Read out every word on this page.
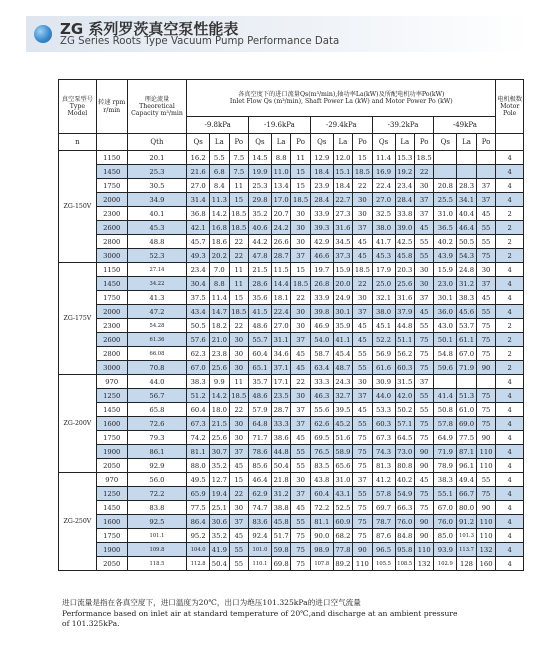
ZG 系列罗茨真空泵性能表
ZG Series Roots Type Vacuum Pump Performance Data
真空泵型号 Type Model	转速 rpm r/min	理论流量 Theoretical Capacity m³/min	各真空度下的进口流量Qs(m³/min),轴功率La(kW)及所配电机功率Po(kW)
Inlet Flow Qs (m³/min), Shaft Power La (kW) and Motor Power Po (kW)															电机极数 Motor Pole
			-9.8kPa			-19.6kPa			-29.4kPa			-39.2kPa			-49kPa			
n		Qth	Qs	La	Po	Qs	La	Po	Qs	La	Po	Qs	La	Po	Qs	La	Po	
ZG-150V	1150	20.1	16.2	5.5	7.5	14.5	8.8	11	12.9	12.0	15	11.4	15.3	18.5				4
	1450	25.3	21.6	6.8	7.5	19.9	11.0	15	18.4	15.1	18.5	16.9	19.2	22				4
	1750	30.5	27.0	8.4	11	25.3	13.4	15	23.9	18.4	22	22.4	23.4	30	20.8	28.3	37	4
	2000	34.9	31.4	11.3	15	29.8	17.0	18.5	28.4	22.7	30	27.0	28.4	37	25.5	34.1	37	4
	2300	40.1	36.8	14.2	18.5	35.2	20.7	30	33.9	27.3	30	32.5	33.8	37	31.0	40.4	45	2
	2600	45.3	42.1	16.8	18.5	40.6	24.2	30	39.3	31.6	37	38.0	39.0	45	36.5	46.4	55	2
	2800	48.8	45.7	18.6	22	44.2	26.6	30	42.9	34.5	45	41.7	42.5	55	40.2	50.5	55	2
	3000	52.3	49.3	20.2	22	47.8	28.7	37	46.6	37.3	45	45.3	45.8	55	43.9	54.3	75	2
ZG-175V	1150	27.14	23.4	7.0	11	21.5	11.5	15	19.7	15.9	18.5	17.9	20.3	30	15.9	24.8	30	4
	1450	34.22	30.4	8.8	11	28.6	14.4	18.5	26.8	20.0	22	25.0	25.6	30	23.0	31.2	37	4
	1750	41.3	37.5	11.4	15	35.6	18.1	22	33.9	24.9	30	32.1	31.6	37	30.1	38.3	45	4
	2000	47.2	43.4	14.7	18.5	41.5	22.4	30	39.8	30.1	37	38.0	37.9	45	36.0	45.6	55	4
	2300	54.28	50.5	18.2	22	48.6	27.0	30	46.9	35.9	45	45.1	44.8	55	43.0	53.7	75	2
	2600	61.36	57.6	21.0	30	55.7	31.1	37	54.0	41.1	45	52.2	51.1	75	50.1	61.1	75	2
	2800	66.08	62.3	23.8	30	60.4	34.6	45	58.7	45.4	55	56.9	56.2	75	54.8	67.0	75	2
	3000	70.8	67.0	25.6	30	65.1	37.1	45	63.4	48.7	55	61.6	60.3	75	59.6	71.9	90	2
ZG-200V	970	44.0	38.3	9.9	11	35.7	17.1	22	33.3	24.3	30	30.9	31.5	37				4
	1250	56.7	51.2	14.2	18.5	48.6	23.5	30	46.3	32.7	37	44.0	42.0	55	41.4	51.3	75	4
	1450	65.8	60.4	18.0	22	57.9	28.7	37	55.6	39.5	45	53.3	50.2	55	50.8	61.0	75	4
	1600	72.6	67.3	21.5	30	64.8	33.3	37	62.6	45.2	55	60.3	57.1	75	57.8	69.0	75	4
	1750	79.3	74.2	25.6	30	71.7	38.6	45	69.5	51.6	75	67.3	64.5	75	64.9	77.5	90	4
	1900	86.1	81.1	30.7	37	78.6	44.8	55	76.5	58.9	75	74.3	73.0	90	71.9	87.1	110	4
	2050	92.9	88.0	35.2	45	85.6	50.4	55	83.5	65.6	75	81.3	80.8	90	78.9	96.1	110	4
ZG-250V	970	56.0	49.5	12.7	15	46.4	21.8	30	43.8	31.0	37	41.2	40.2	45	38.3	49.4	55	4
	1250	72.2	65.9	19.4	22	62.9	31.2	37	60.4	43.1	55	57.8	54.9	75	55.1	66.7	75	4
	1450	83.8	77.5	25.1	30	74.7	38.8	45	72.2	52.5	75	69.7	66.3	75	67.0	80.0	90	4
	1600	92.5	86.4	30.6	37	83.6	45.8	55	81.1	60.9	75	78.7	76.0	90	76.0	91.2	110	4
	1750	101.1	95.2	35.2	45	92.4	51.7	75	90.0	68.2	75	87.6	84.8	90	85.0	101.3	110	4
	1900	109.8	104.0	41.9	55	101.0	59.8	75	98.9	77.8	90	96.5	95.8	110	93.9	113.7	132	4
	2050	118.5	112.8	50.4	55	110.1	69.8	75	107.8	89.2	110	105.5	108.5	132	102.9	128	160	4
进口流量是指在各真空度下，进口温度为20℃，出口为绝压101.325kPa的进口空气流量
Performance based on inlet air at standard temperature of 20℃,and discharge at an ambient pressure
of 101.325kPa.
